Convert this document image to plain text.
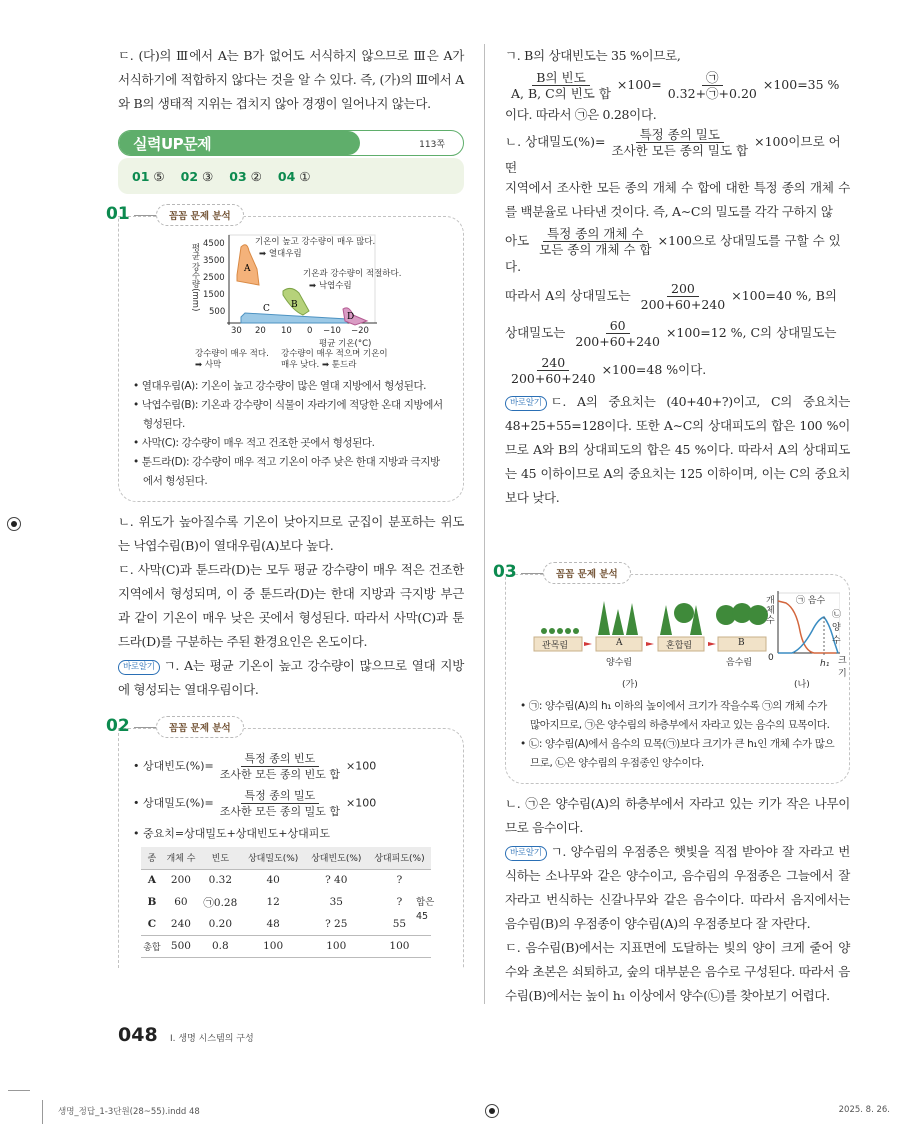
ㄷ. (다)의 Ⅲ에서 A는 B가 없어도 서식하지 않으므로 Ⅲ은 A가 서식하기에 적합하지 않다는 것을 알 수 있다. 즉, (가)의 Ⅲ에서 A와 B의 생태적 지위는 겹치지 않아 경쟁이 일어나지 않는다.

실력UP문제	113쪽
01 ⑤ 02 ③ 03 ② 04 ①
01	꼼꼼 문제 분석
A
B
C
D
평균 강수량(mm) 4500
3500
2500
1500
500
30 20 10 0 −10 −20
평균 기온(°C)
기온이 높고 강수량이 매우 많다.
➡ 열대우림
기온과 강수량이 적절하다.
➡ 낙엽수림
강수량이 매우 적다.
➡ 사막
강수량이 매우 적으며 기온이
매우 낮다. ➡ 툰드라

• 열대우림(A): 기온이 높고 강수량이 많은 열대 지방에서 형성된다.

• 낙엽수림(B): 기온과 강수량이 식물이 자라기에 적당한 온대 지방에서 형성된다.

• 사막(C): 강수량이 매우 적고 건조한 곳에서 형성된다.

• 툰드라(D): 강수량이 매우 적고 기온이 아주 낮은 한대 지방과 극지방에서 형성된다.

ㄴ. 위도가 높아질수록 기온이 낮아지므로 군집이 분포하는 위도는 낙엽수림(B)이 열대우림(A)보다 높다.

ㄷ. 사막(C)과 툰드라(D)는 모두 평균 강수량이 매우 적은 건조한 지역에서 형성되며, 이 중 툰드라(D)는 한대 지방과 극지방 부근과 같이 기온이 매우 낮은 곳에서 형성된다. 따라서 사막(C)과 툰드라(D)를 구분하는 주된 환경요인은 온도이다.

바로알기 ㄱ. A는 평균 기온이 높고 강수량이 많으므로 열대 지방에 형성되는 열대우림이다.

02	꼼꼼 문제 분석
• 상대빈도(%)= $\frac{\text{특정 종의 빈도}}{\text{조사한 모든 종의 빈도 합}} \times 100$
• 상대밀도(%)= $\frac{\text{특정 종의 밀도}}{\text{조사한 모든 종의 밀도 합}} \times 100$
• 중요치=상대밀도+상대빈도+상대피도
종	개체 수	빈도	상대밀도(%)	상대빈도(%)	상대피도(%)
A	200	0.32	40	? 40	?
B	60	㉠0.28	12	35	?
C	240	0.20	48	? 25	55
총합	500	0.8	100	100	100
합은
45

ㄱ. B의 상대빈도는 35 %이므로,

$\frac{\text{B의 빈도}}{\text{A, B, C의 빈도 합}} \times 100= \frac{㉠}{0.32+㉠+0.20} \times 100=35$ %

이다. 따라서 ㉠은 0.28이다.

ㄴ. 상대밀도(%)= $\frac{\text{특정 종의 밀도}}{\text{조사한 모든 종의 밀도 합}} \times 100$이므로 어떤

지역에서 조사한 모든 종의 개체 수 합에 대한 특정 종의 개체 수를 백분율로 나타낸 것이다. 즉, A∼C의 밀도를 각각 구하지 않

아도 $\frac{\text{특정 종의 개체 수}}{\text{모든 종의 개체 수 합}} \times 100$으로 상대밀도를 구할 수 있다.
따라서 A의 상대밀도는 $\frac{200}{200+60+240} \times 100=40$ %, B의
상대밀도는 $\frac{60}{200+60+240} \times 100=12$ %, C의 상대밀도는
$\frac{240}{200+60+240} \times 100=48$ %이다.

바로알기 ㄷ. A의 중요치는 (40+40+?)이고, C의 중요치는 48+25+55=128이다. 또한 A∼C의 상대피도의 합은 100 %이므로 A와 B의 상대피도의 합은 45 %이다. 따라서 A의 상대피도는 45 이하이므로 A의 중요치는 125 이하이며, 이는 C의 중요치보다 낮다.

03	꼼꼼 문제 분석
관목림	A	혼합림	B
양수림	음수림
(가)	(나)
개
체
수
0
h₁ 크기
㉠ 음수
㉡ 양수

• ㉠: 양수림(A)의 h₁ 이하의 높이에서 크기가 작을수록 ㉠의 개체 수가 많아지므로, ㉠은 양수림의 하층부에서 자라고 있는 음수의 묘목이다.

• ㉡: 양수림(A)에서 음수의 묘목(㉠)보다 크기가 큰 h₁인 개체 수가 많으므로, ㉡은 양수림의 우점종인 양수이다.

ㄴ. ㉠은 양수림(A)의 하층부에서 자라고 있는 키가 작은 나무이므로 음수이다.

바로알기 ㄱ. 양수림의 우점종은 햇빛을 직접 받아야 잘 자라고 번식하는 소나무와 같은 양수이고, 음수림의 우점종은 그늘에서 잘 자라고 번식하는 신갈나무와 같은 음수이다. 따라서 음지에서는 음수림(B)의 우점종이 양수림(A)의 우점종보다 잘 자란다.

ㄷ. 음수림(B)에서는 지표면에 도달하는 빛의 양이 크게 줄어 양수와 초본은 쇠퇴하고, 숲의 대부분은 음수로 구성된다. 따라서 음수림(B)에서는 높이 h₁ 이상에서 양수(㉡)를 찾아보기 어렵다.

048 Ⅰ. 생명 시스템의 구성
생명_정답_1-3단원(28~55).indd 48	2025. 8. 26.
